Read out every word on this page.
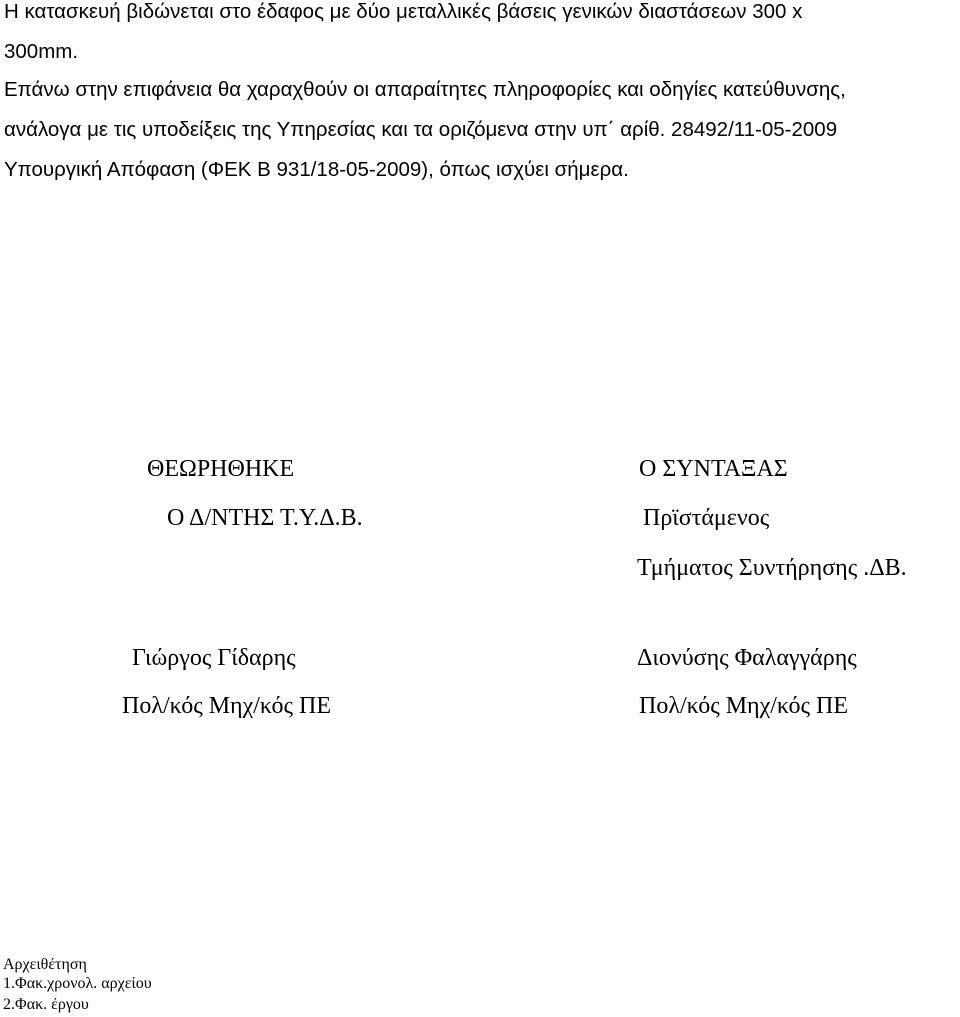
Η κατασκευή βιδώνεται στο έδαφος με δύο μεταλλικές βάσεις γενικών διαστάσεων 300 x
300mm.
Επάνω στην επιφάνεια θα χαραχθούν οι απαραίτητες πληροφορίες και οδηγίες κατεύθυνσης,
ανάλογα με τις υποδείξεις της Υπηρεσίας και τα οριζόμενα στην υπ΄ αρίθ. 28492/11-05-2009
Υπουργική Απόφαση (ΦΕΚ Β 931/18-05-2009), όπως ισχύει σήμερα.
ΘΕΩΡΗΘΗΚΕ
Ο Δ/ΝΤΗΣ Τ.Υ.Δ.Β.
Γιώργος Γίδαρης
Πολ/κός Μηχ/κός ΠΕ
Ο ΣΥΝΤΑΞΑΣ
Πρϊστάμενος
Τμήματος Συντήρησης .ΔΒ.
Διονύσης Φαλαγγάρης
Πολ/κός Μηχ/κός ΠΕ
Αρχειθέτηση
1.Φακ.χρονολ. αρχείου
2.Φακ. έργου
